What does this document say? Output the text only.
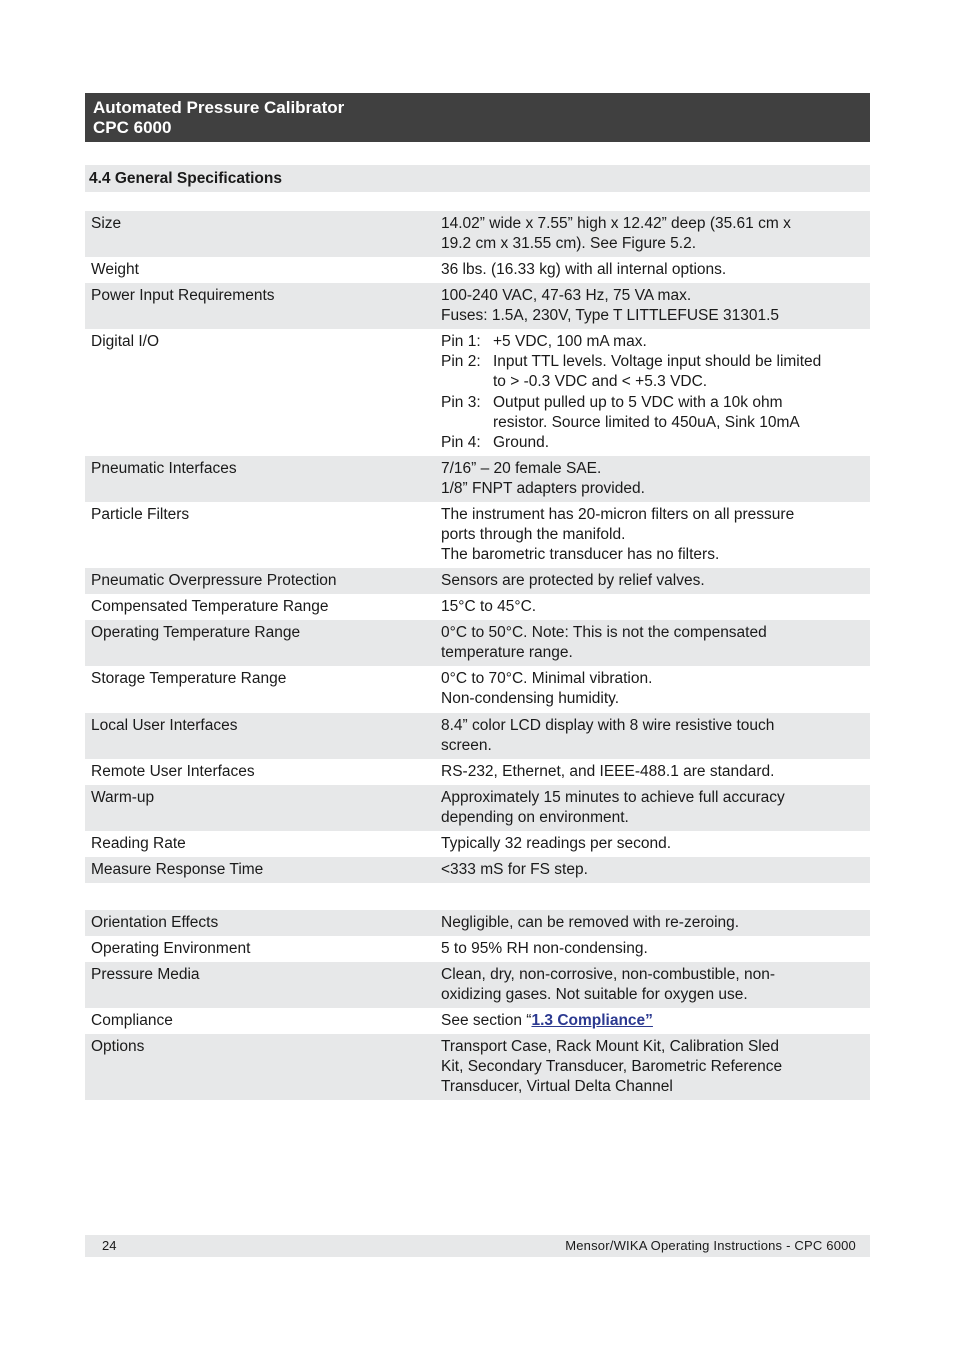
Automated Pressure Calibrator
CPC 6000
4.4 General Specifications
Size	14.02” wide x 7.55” high x 12.42” deep (35.61 cm x
19.2 cm x 31.55 cm). See Figure 5.2.
Weight	36 lbs. (16.33 kg) with all internal options.
Power Input Requirements	100-240 VAC, 47-63 Hz, 75 VA max.
Fuses: 1.5A, 230V, Type T LITTLEFUSE 31301.5
Digital I/O	Pin 1: +5 VDC, 100 mA max.
Pin 2: Input TTL levels. Voltage input should be limited
to > -0.3 VDC and < +5.3 VDC.
Pin 3: Output pulled up to 5 VDC with a 10k ohm
resistor. Source limited to 450uA, Sink 10mA
Pin 4: Ground.
Pneumatic Interfaces	7/16” – 20 female SAE.
1/8” FNPT adapters provided.
Particle Filters	The instrument has 20-micron filters on all pressure
ports through the manifold.
The barometric transducer has no filters.
Pneumatic Overpressure Protection	Sensors are protected by relief valves.
Compensated Temperature Range	15°C to 45°C.
Operating Temperature Range	0°C to 50°C. Note: This is not the compensated
temperature range.
Storage Temperature Range	0°C to 70°C. Minimal vibration.
Non-condensing humidity.
Local User Interfaces	8.4” color LCD display with 8 wire resistive touch
screen.
Remote User Interfaces	RS-232, Ethernet, and IEEE-488.1 are standard.
Warm-up	Approximately 15 minutes to achieve full accuracy
depending on environment.
Reading Rate	Typically 32 readings per second.
Measure Response Time	<333 mS for FS step.
Orientation Effects	Negligible, can be removed with re-zeroing.
Operating Environment	5 to 95% RH non-condensing.
Pressure Media	Clean, dry, non-corrosive, non-combustible, non-
oxidizing gases. Not suitable for oxygen use.
Compliance	See section “1.3 Compliance”
Options	Transport Case, Rack Mount Kit, Calibration Sled
Kit, Secondary Transducer, Barometric Reference
Transducer, Virtual Delta Channel
24	Mensor/WIKA Operating Instructions - CPC 6000
